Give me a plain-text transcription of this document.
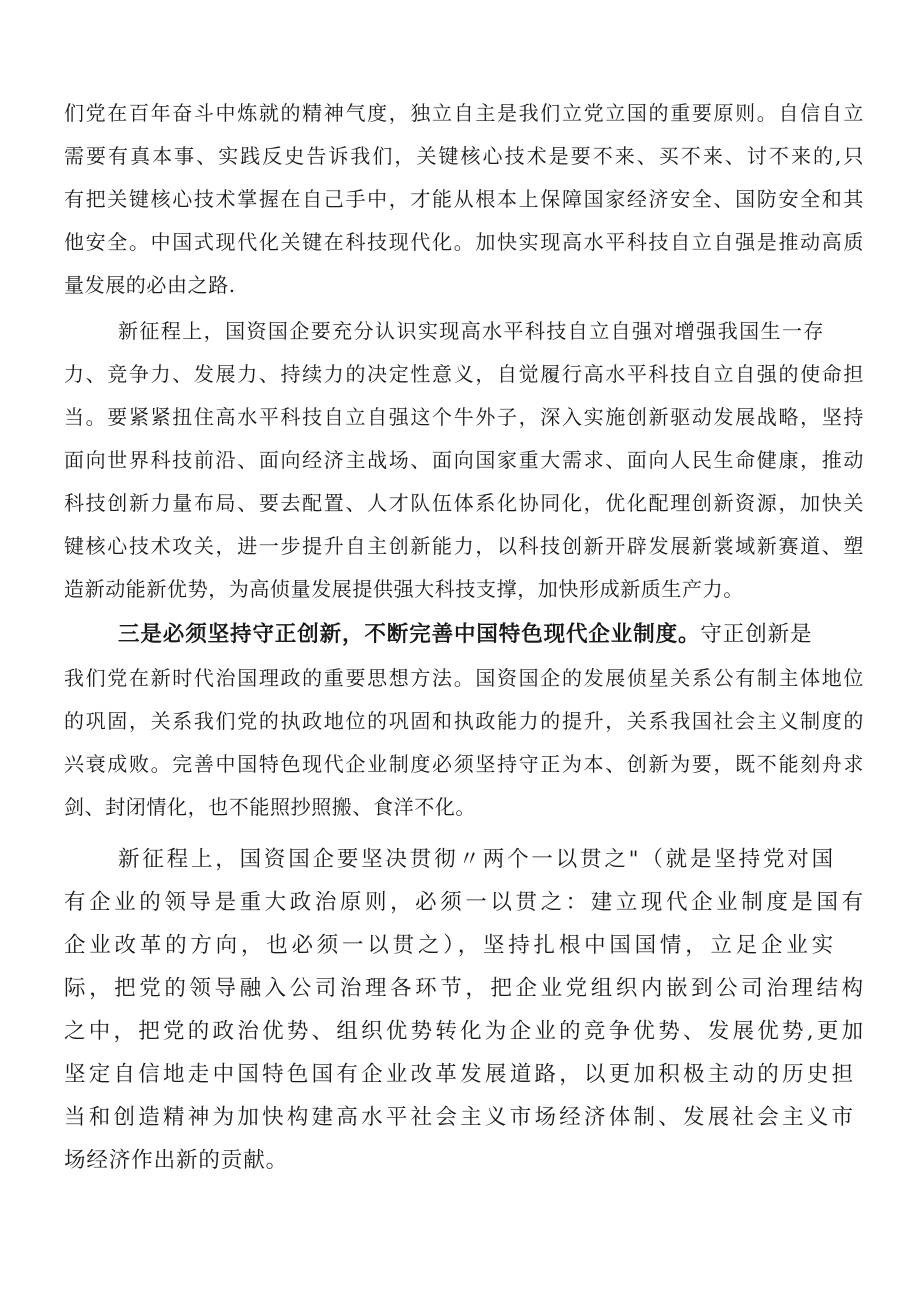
们党在百年奋斗中炼就的精神气度，独立自主是我们立党立国的重要原则。自信自立
需要有真本事、实践反史告诉我们，关键核心技术是要不来、买不来、讨不来的,只
有把关键核心技术掌握在自己手中，才能从根本上保障国家经济安全、国防安全和其
他安全。中国式现代化关键在科技现代化。加快实现高水平科技自立自强是推动高质
量发展的必由之路.
新征程上，国资国企要充分认识实现高水平科技自立自强对增强我国生一存
力、竞争力、发展力、持续力的决定性意义，自觉履行高水平科技自立自强的使命担
当。要紧紧扭住高水平科技自立自强这个牛外子，深入实施创新驱动发展战略，坚持
面向世界科技前沿、面向经济主战场、面向国家重大需求、面向人民生命健康，推动
科技创新力量布局、要去配置、人才队伍体系化协同化，优化配理创新资源，加快关
键核心技术攻关，进一步提升自主创新能力，以科技创新开辟发展新裳域新赛道、塑
造新动能新优势，为高侦量发展提供强大科技支撑，加快形成新质生产力。
三是必须坚持守正创新，不断完善中国特色现代企业制度。守正创新是
我们党在新时代治国理政的重要思想方法。国资国企的发展侦星关系公有制主体地位
的巩固，关系我们党的执政地位的巩固和执政能力的提升，关系我国社会主义制度的
兴衰成败。完善中国特色现代企业制度必须坚持守正为本、创新为要，既不能刻舟求
剑、封闭情化，也不能照抄照搬、食洋不化。
新征程上，国资国企要坚决贯彻〃两个一以贯之"（就是坚持党对国
有企业的领导是重大政治原则，必须一以贯之：建立现代企业制度是国有
企业改革的方向，也必须一以贯之），坚持扎根中国国情，立足企业实
际，把党的领导融入公司治理各环节，把企业党组织内嵌到公司治理结构
之中，把党的政治优势、组织优势转化为企业的竞争优势、发展优势,更加
坚定自信地走中国特色国有企业改革发展道路，以更加积极主动的历史担
当和创造精神为加快构建高水平社会主义市场经济体制、发展社会主义市
场经济作出新的贡献。
